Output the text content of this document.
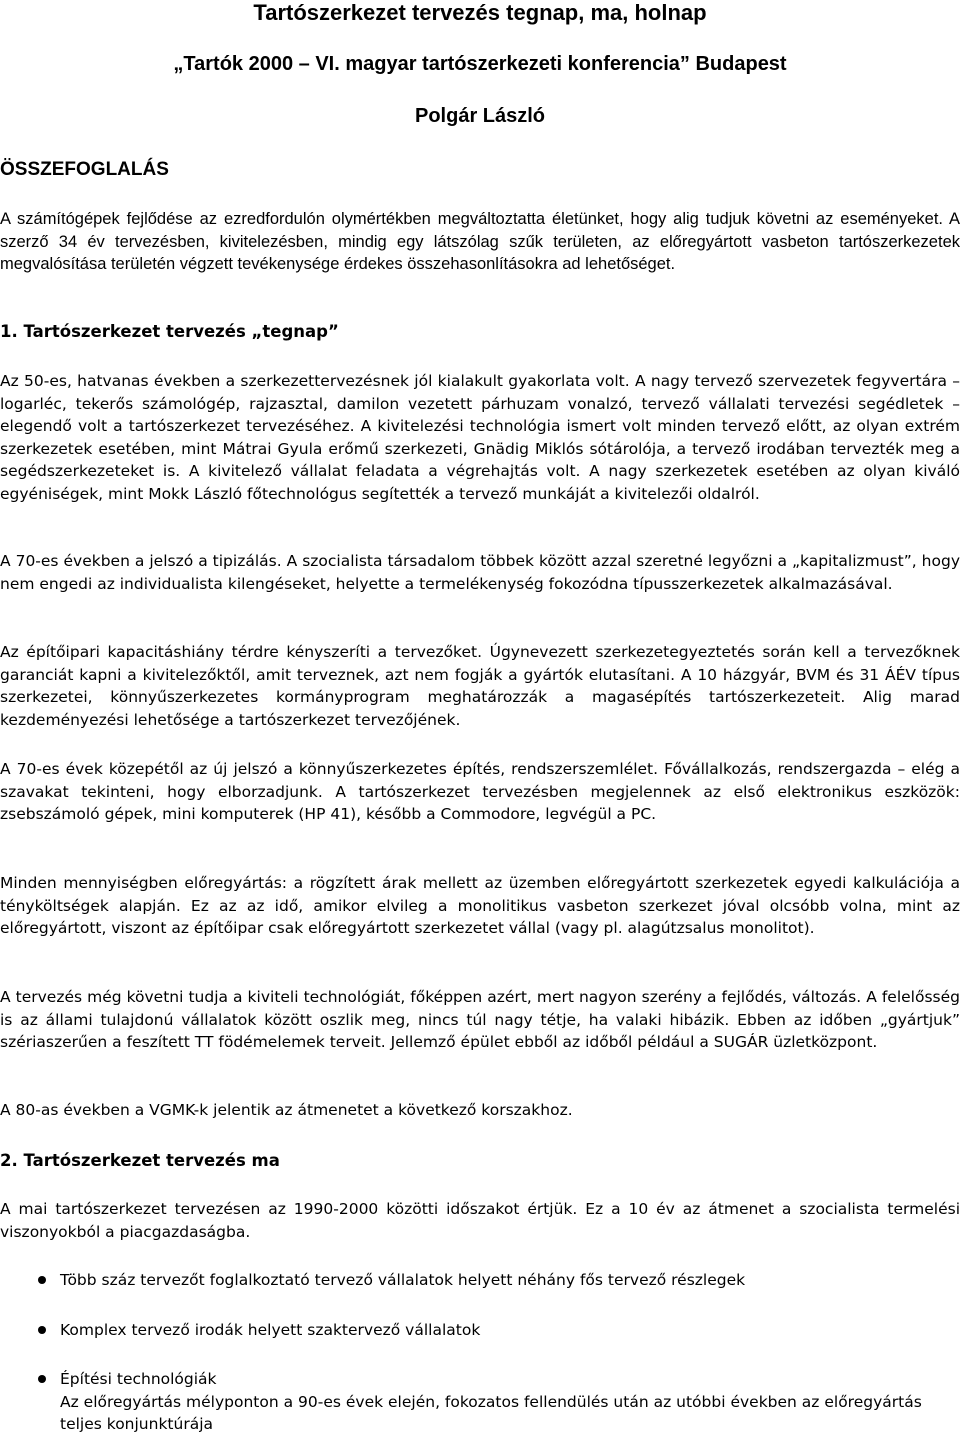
Tartószerkezet tervezés tegnap, ma, holnap
„Tartók 2000 – VI. magyar tartószerkezeti konferencia” Budapest
Polgár László
ÖSSZEFOGLALÁS

A számítógépek fejlődése az ezredfordulón olymértékben megváltoztatta életünket, hogy alig tudjuk követni az eseményeket. A szerző 34 év tervezésben, kivitelezésben, mindig egy látszólag szűk területen, az előregyártott vasbeton tartószerkezetek megvalósítása területén végzett tevékenysége érdekes összehasonlításokra ad lehetőséget.

1. Tartószerkezet tervezés „tegnap”

Az 50-es, hatvanas években a szerkezettervezésnek jól kialakult gyakorlata volt. A nagy tervező szervezetek fegyvertára – logarléc, tekerős számológép, rajzasztal, damilon vezetett párhuzam vonalzó, tervező vállalati tervezési segédletek – elegendő volt a tartószerkezet tervezéséhez. A kivitelezési technológia ismert volt minden tervező előtt, az olyan extrém szerkezetek esetében, mint Mátrai Gyula erőmű szerkezeti, Gnädig Miklós sótárolója, a tervező irodában tervezték meg a segédszerkezeteket is. A kivitelező vállalat feladata a végrehajtás volt. A nagy szerkezetek esetében az olyan kiváló egyéniségek, mint Mokk László főtechnológus segítették a tervező munkáját a kivitelezői oldalról.

A 70-es években a jelszó a tipizálás. A szocialista társadalom többek között azzal szeretné legyőzni a „kapitalizmust”, hogy nem engedi az individualista kilengéseket, helyette a termelékenység fokozódna típusszerkezetek alkalmazásával.

Az építőipari kapacitáshiány térdre kényszeríti a tervezőket. Úgynevezett szerkezetegyeztetés során kell a tervezőknek garanciát kapni a kivitelezőktől, amit terveznek, azt nem fogják a gyártók elutasítani. A 10 házgyár, BVM és 31 ÁÉV típus szerkezetei, könnyűszerkezetes kormányprogram meghatározzák a magasépítés tartószerkezeteit. Alig marad kezdeményezési lehetősége a tartószerkezet tervezőjének.

A 70-es évek közepétől az új jelszó a könnyűszerkezetes építés, rendszerszemlélet. Fővállalkozás, rendszergazda – elég a szavakat tekinteni, hogy elborzadjunk. A tartószerkezet tervezésben megjelennek az első elektronikus eszközök: zsebszámoló gépek, mini komputerek (HP 41), később a Commodore, legvégül a PC.

Minden mennyiségben előregyártás: a rögzített árak mellett az üzemben előregyártott szerkezetek egyedi kalkulációja a tényköltségek alapján. Ez az az idő, amikor elvileg a monolitikus vasbeton szerkezet jóval olcsóbb volna, mint az előregyártott, viszont az építőipar csak előregyártott szerkezetet vállal (vagy pl. alagútzsalus monolitot).

A tervezés még követni tudja a kiviteli technológiát, főképpen azért, mert nagyon szerény a fejlődés, változás. A felelősség is az állami tulajdonú vállalatok között oszlik meg, nincs túl nagy tétje, ha valaki hibázik. Ebben az időben „gyártjuk” szériaszerűen a feszített TT födémelemek terveit. Jellemző épület ebből az időből például a SUGÁR üzletközpont.

A 80-as években a VGMK-k jelentik az átmenetet a következő korszakhoz.

2. Tartószerkezet tervezés ma

A mai tartószerkezet tervezésen az 1990-2000 közötti időszakot értjük. Ez a 10 év az átmenet a szocialista termelési viszonyokból a piacgazdaságba.

Több száz tervezőt foglalkoztató tervező vállalatok helyett néhány fős tervező részlegek

Komplex tervező irodák helyett szaktervező vállalatok

Építési technológiák
Az előregyártás mélyponton a 90-es évek elején, fokozatos fellendülés után az utóbbi években az előregyártás teljes konjunktúrája
